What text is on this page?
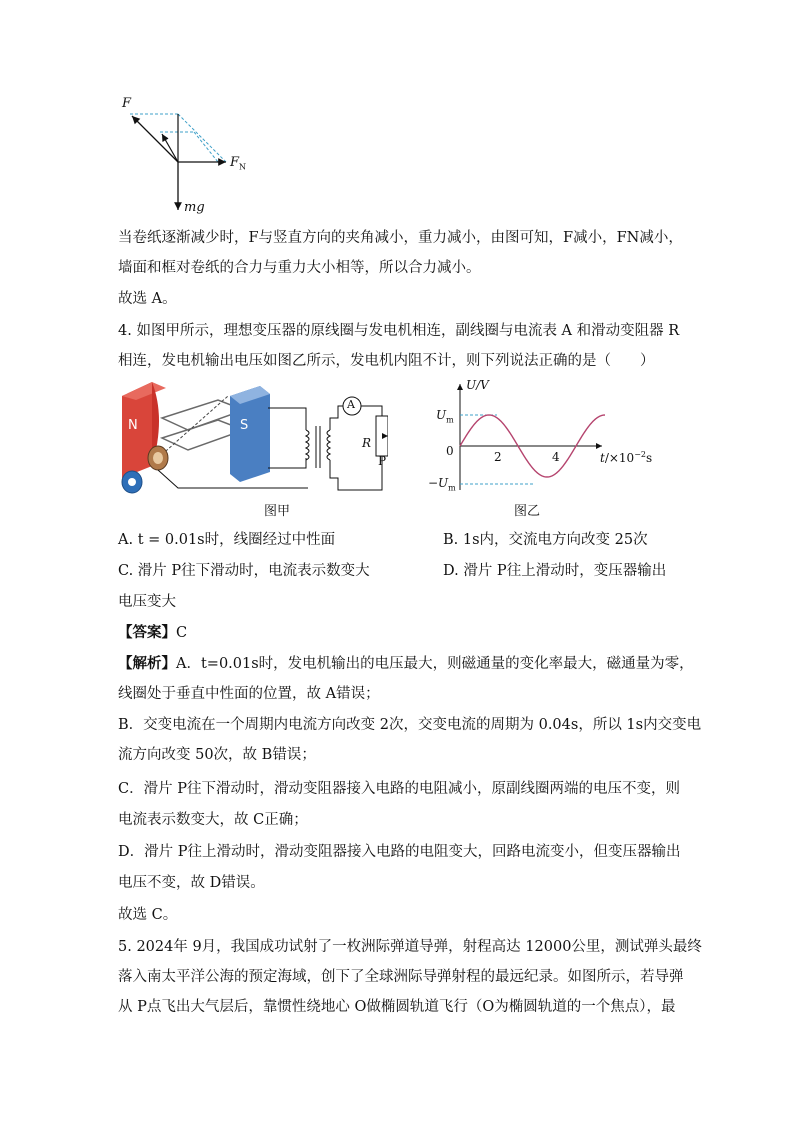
F
$F_N$
mg
当卷纸逐渐减少时，F与竖直方向的夹角减小，重力减小，由图可知，F减小，FN减小，
墙面和框对卷纸的合力与重力大小相等，所以合力减小。
故选 A。
4. 如图甲所示，理想变压器的原线圈与发电机相连，副线圈与电流表 A 和滑动变阻器 R
相连，发电机输出电压如图乙所示，发电机内阻不计，则下列说法正确的是（　　）
N	S
A
R
P
图甲
U/V
$U_m$
0	2	4	$t/\times 10^{-2}s$
$-U_m$
图乙
A. t = 0.01s时，线圈经过中性面	B. 1s内，交流电方向改变 25次
C. 滑片 P往下滑动时，电流表示数变大	D. 滑片 P往上滑动时，变压器输出
电压变大
【答案】C
【解析】A．t=0.01s时，发电机输出的电压最大，则磁通量的变化率最大，磁通量为零，
线圈处于垂直中性面的位置，故 A错误；
B．交变电流在一个周期内电流方向改变 2次，交变电流的周期为 0.04s，所以 1s内交变电
流方向改变 50次，故 B错误；
C．滑片 P往下滑动时，滑动变阻器接入电路的电阻减小，原副线圈两端的电压不变，则
电流表示数变大，故 C正确；
D．滑片 P往上滑动时，滑动变阻器接入电路的电阻变大，回路电流变小，但变压器输出
电压不变，故 D错误。
故选 C。
5. 2024年 9月，我国成功试射了一枚洲际弹道导弹，射程高达 12000公里，测试弹头最终
落入南太平洋公海的预定海域，创下了全球洲际导弹射程的最远纪录。如图所示，若导弹
从 P点飞出大气层后，靠惯性绕地心 O做椭圆轨道飞行（O为椭圆轨道的一个焦点），最
